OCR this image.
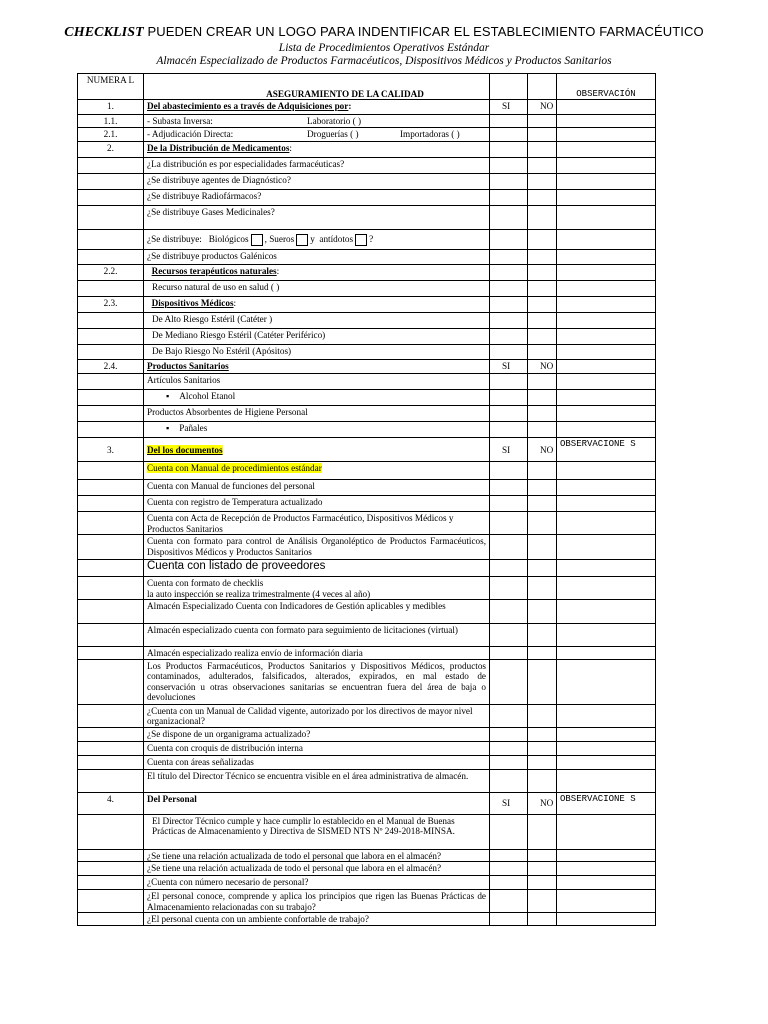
CHECKLIST PUEDEN CREAR UN LOGO PARA INDENTIFICAR EL ESTABLECIMIENTO FARMACÉUTICO
Lista de Procedimientos Operativos Estándar
Almacén Especializado de Productos Farmacéuticos, Dispositivos Médicos y Productos Sanitarios
NUMERA L	ASEGURAMIENTO DE LA CALIDAD			OBSERVACIÓN
1.	Del abastecimiento es a través de Adquisiciones por:	SI	NO	
1.1.	- Subasta Inversa: Laboratorio ( )			
2.1.	- Adjudicación Directa: Droguerías ( ) Importadoras ( )			
2.	De la Distribución de Medicamentos:			
	¿La distribución es por especialidades farmacéuticas?			
	¿Se distribuye agentes de Diagnóstico?			
	¿Se distribuye Radiofármacos?			
	¿Se distribuye Gases Medicinales?			
	¿Se distribuye: Biológicos , Sueros y antídotos ?			
	¿Se distribuye productos Galénicos			
2.2.	Recursos terapéuticos naturales:			
	Recurso natural de uso en salud ( )			
2.3.	Dispositivos Médicos:			
	De Alto Riesgo Estéril (Catéter )			
	De Mediano Riesgo Estéril (Catéter Periférico)			
	De Bajo Riesgo No Estéril (Apósitos)			
2.4.	Productos Sanitarios	SI	NO	
	Artículos Sanitarios			
	▪ Alcohol Etanol			
	Productos Absorbentes de Higiene Personal			
	▪ Pañales			
3.	Del los documentos	SI	NO	OBSERVACIONE S
	Cuenta con Manual de procedimientos estándar			
	Cuenta con Manual de funciones del personal			
	Cuenta con registro de Temperatura actualizado			
	Cuenta con Acta de Recepción de Productos Farmacéutico, Dispositivos Médicos y Productos Sanitarios			
	Cuenta con formato para control de Análisis Organoléptico de Productos Farmacéuticos, Dispositivos Médicos y Productos Sanitarios			
	Cuenta con listado de proveedores			

	Cuenta con formato de checklis
la auto inspección se realiza trimestralmente (4 veces al año)			

	Almacén Especializado Cuenta con Indicadores de Gestión aplicables y medibles			
	Almacén especializado cuenta con formato para seguimiento de licitaciones (virtual)			
	Almacén especializado realiza envío de información diaria			
	Los Productos Farmacéuticos, Productos Sanitarios y Dispositivos Médicos, productos contaminados, adulterados, falsificados, alterados, expirados, en mal estado de conservación u otras observaciones sanitarias se encuentran fuera del área de baja o devoluciones			
	¿Cuenta con un Manual de Calidad vigente, autorizado por los directivos de mayor nivel organizacional?			
	¿Se dispone de un organigrama actualizado?			
	Cuenta con croquis de distribución interna			
	Cuenta con áreas señalizadas			
	El título del Director Técnico se encuentra visible en el área administrativa de almacén.			
4.	Del Personal	SI	NO	OBSERVACIONE S
	El Director Técnico cumple y hace cumplir lo establecido en el Manual de Buenas Prácticas de Almacenamiento y Directiva de SISMED NTS Nº 249-2018-MINSA.			
	¿Se tiene una relación actualizada de todo el personal que labora en el almacén?			
	¿Se tiene una relación actualizada de todo el personal que labora en el almacén?			
	¿Cuenta con número necesario de personal?			
	¿El personal conoce, comprende y aplica los principios que rigen las Buenas Prácticas de Almacenamiento relacionadas con su trabajo?			
	¿El personal cuenta con un ambiente confortable de trabajo?			
